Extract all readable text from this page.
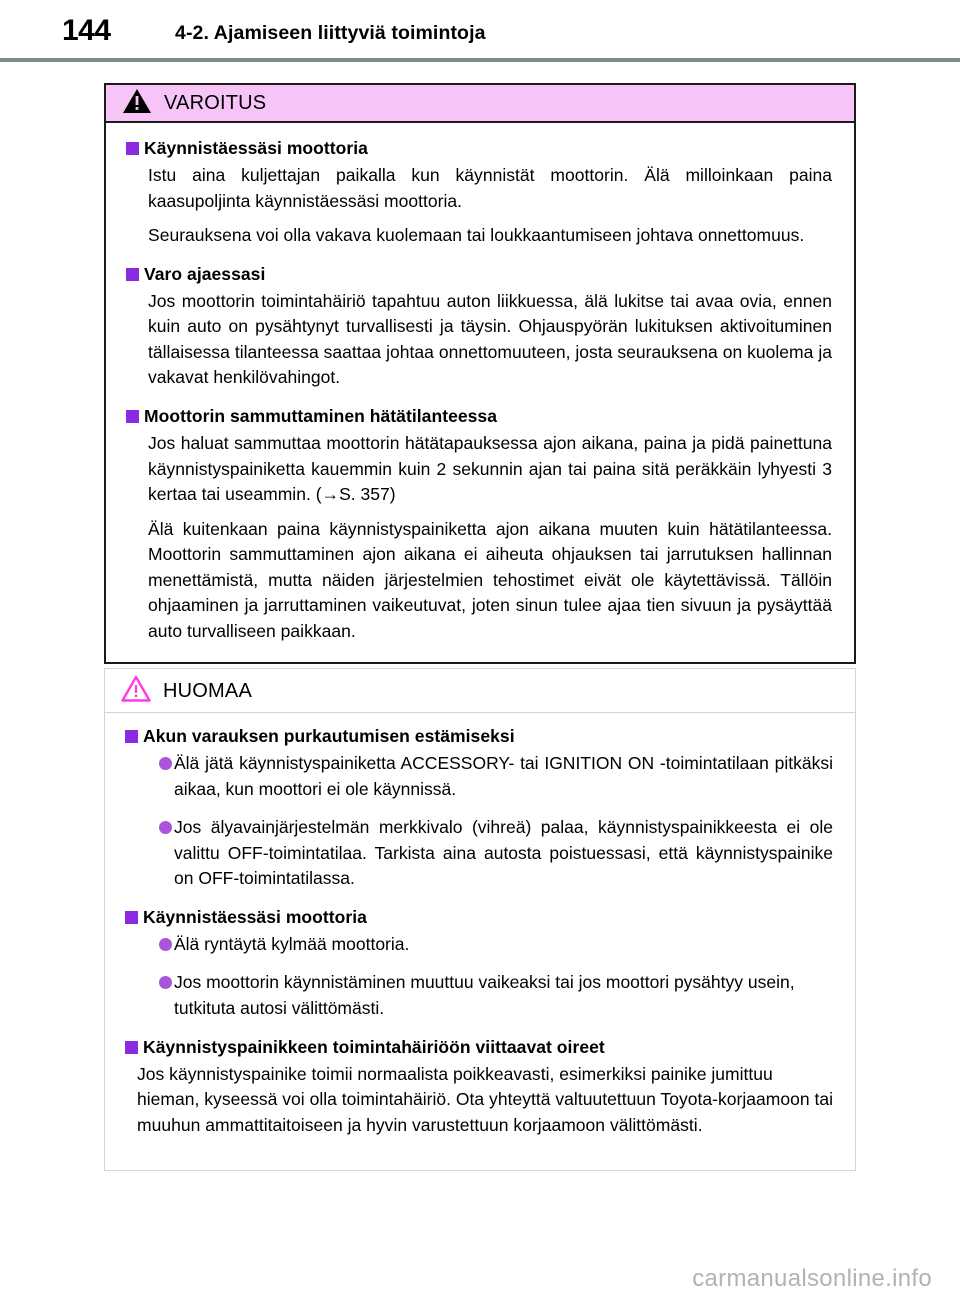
144	4-2. Ajamiseen liittyviä toimintoja
VAROITUS
Käynnistäessäsi moottoria

Istu aina kuljettajan paikalla kun käynnistät moottorin. Älä milloinkaan paina kaasupoljinta käynnistäessäsi moottoria.

Seurauksena voi olla vakava kuolemaan tai loukkaantumiseen johtava onnettomuus.

Varo ajaessasi

Jos moottorin toimintahäiriö tapahtuu auton liikkuessa, älä lukitse tai avaa ovia, ennen kuin auto on pysähtynyt turvallisesti ja täysin. Ohjauspyörän lukituksen aktivoituminen tällaisessa tilanteessa saattaa johtaa onnettomuuteen, josta seurauksena on kuolema ja vakavat henkilövahingot.

Moottorin sammuttaminen hätätilanteessa

Jos haluat sammuttaa moottorin hätätapauksessa ajon aikana, paina ja pidä painettuna käynnistyspainiketta kauemmin kuin 2 sekunnin ajan tai paina sitä peräkkäin lyhyesti 3 kertaa tai useammin. (→S. 357)

Älä kuitenkaan paina käynnistyspainiketta ajon aikana muuten kuin hätätilanteessa. Moottorin sammuttaminen ajon aikana ei aiheuta ohjauksen tai jarrutuksen hallinnan menettämistä, mutta näiden järjestelmien tehostimet eivät ole käytettävissä. Tällöin ohjaaminen ja jarruttaminen vaikeutuvat, joten sinun tulee ajaa tien sivuun ja pysäyttää auto turvalliseen paikkaan.

HUOMAA
Akun varauksen purkautumisen estämiseksi
Älä jätä käynnistyspainiketta ACCESSORY- tai IGNITION ON -toimintatilaan pitkäksi aikaa, kun moottori ei ole käynnissä.
Jos älyavainjärjestelmän merkkivalo (vihreä) palaa, käynnistyspainikkeesta ei ole valittu OFF-toimintatilaa. Tarkista aina autosta poistuessasi, että käynnistyspainike on OFF-toimintatilassa.
Käynnistäessäsi moottoria
Älä ryntäytä kylmää moottoria.
Jos moottorin käynnistäminen muuttuu vaikeaksi tai jos moottori pysähtyy usein, tutkituta autosi välittömästi.
Käynnistyspainikkeen toimintahäiriöön viittaavat oireet

Jos käynnistyspainike toimii normaalista poikkeavasti, esimerkiksi painike jumittuu hieman, kyseessä voi olla toimintahäiriö. Ota yhteyttä valtuutettuun Toyota-korjaamoon tai muuhun ammattitaitoiseen ja hyvin varustettuun korjaamoon välittömästi.

carmanualsonline.info
